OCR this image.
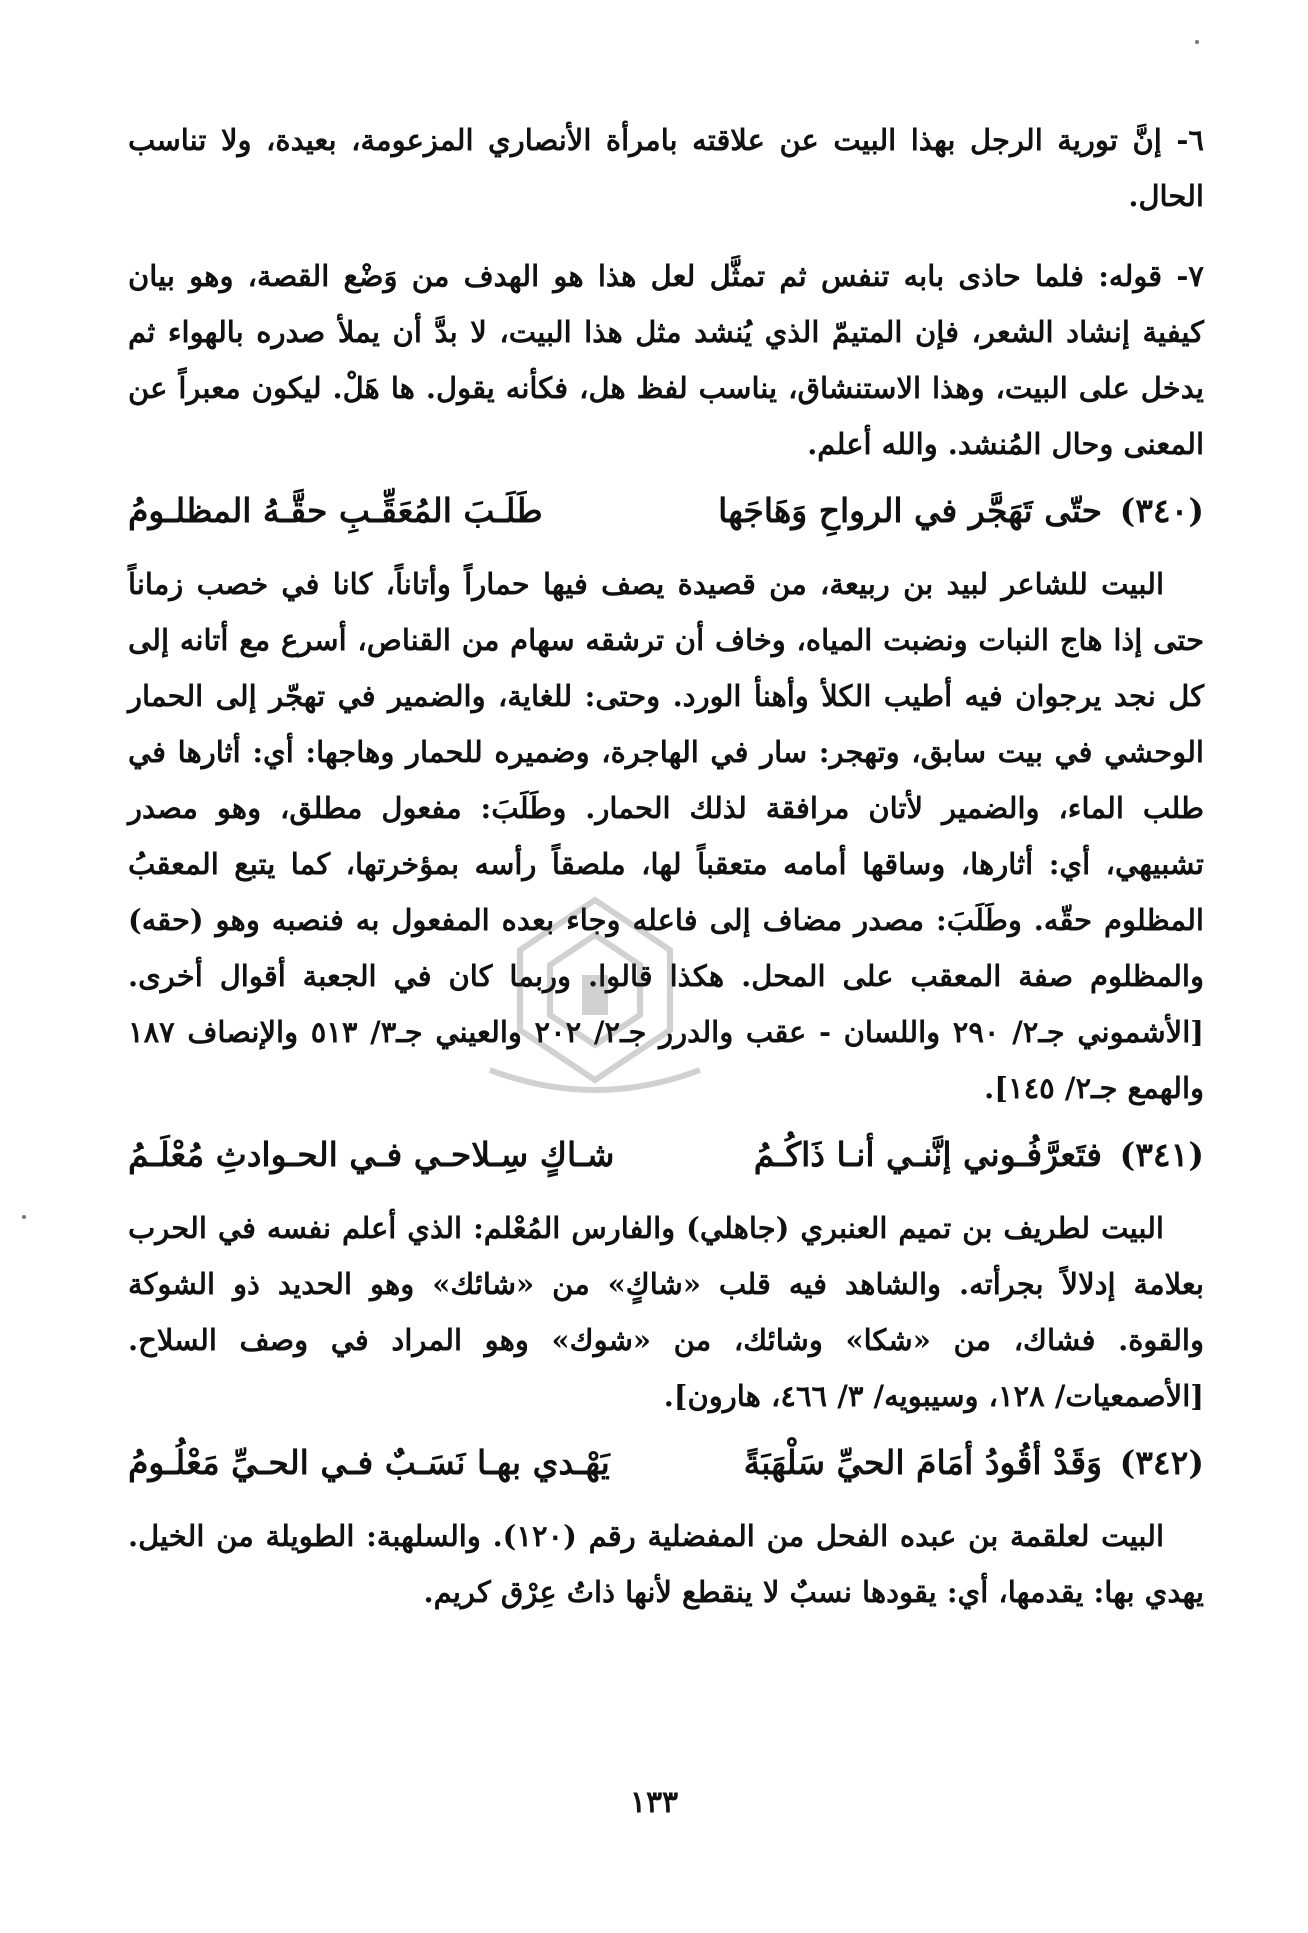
٦- إنَّ تورية الرجل بهذا البيت عن علاقته بامرأة الأنصاري المزعومة، بعيدة، ولا تناسب الحال.

٧- قوله: فلما حاذى بابه تنفس ثم تمثَّل لعل هذا هو الهدف من وَضْع القصة، وهو بيان كيفية إنشاد الشعر، فإن المتيمّ الذي يُنشد مثل هذا البيت، لا بدَّ أن يملأ صدره بالهواء ثم يدخل على البيت، وهذا الاستنشاق، يناسب لفظ هل، فكأنه يقول. ها هَلْ. ليكون معبراً عن المعنى وحال المُنشد. والله أعلم.

(٣٤٠) حتّى تَهَجَّر في الرواحِ وَهَاجَها
طَلَـبَ المُعَقِّـبِ حقَّـهُ المظلـومُ

البيت للشاعر لبيد بن ربيعة، من قصيدة يصف فيها حماراً وأتاناً، كانا في خصب زماناً حتى إذا هاج النبات ونضبت المياه، وخاف أن ترشقه سهام من القناص، أسرع مع أتانه إلى كل نجد يرجوان فيه أطيب الكلأ وأهنأ الورد. وحتى: للغاية، والضمير في تهجّر إلى الحمار الوحشي في بيت سابق، وتهجر: سار في الهاجرة، وضميره للحمار وهاجها: أي: أثارها في طلب الماء، والضمير لأتان مرافقة لذلك الحمار. وطَلَبَ: مفعول مطلق، وهو مصدر تشبيهي، أي: أثارها، وساقها أمامه متعقباً لها، ملصقاً رأسه بمؤخرتها، كما يتبع المعقبُ المظلوم حقّه. وطَلَبَ: مصدر مضاف إلى فاعله وجاء بعده المفعول به فنصبه وهو (حقه) والمظلوم صفة المعقب على المحل. هكذا قالوا. وربما كان في الجعبة أقوال أخرى. [الأشموني جـ٢/ ٢٩٠ واللسان - عقب والدرر جـ٢/ ٢٠٢ والعيني جـ٣/ ٥١٣ والإنصاف ١٨٧ والهمع جـ٢/ ١٤٥].

(٣٤١) فتَعرَّفُـوني إنَّنـي أنـا ذَاكُـمُ
شـاكٍ سِـلاحـي فـي الحـوادثِ مُعْلَـمُ

البيت لطريف بن تميم العنبري (جاهلي) والفارس المُعْلم: الذي أعلم نفسه في الحرب بعلامة إدلالاً بجرأته. والشاهد فيه قلب «شاكٍ» من «شائك» وهو الحديد ذو الشوكة والقوة. فشاك، من «شكا» وشائك، من «شوك» وهو المراد في وصف السلاح. [الأصمعيات/ ١٢٨، وسيبويه/ ٣/ ٤٦٦، هارون].

(٣٤٢) وَقَدْ أقُودُ أمَامَ الحيِّ سَلْهَبَةً
يَهْـدي بهـا نَسَـبٌ فـي الحـيِّ مَعْلُـومُ

البيت لعلقمة بن عبده الفحل من المفضلية رقم (١٢٠). والسلهبة: الطويلة من الخيل. يهدي بها: يقدمها، أي: يقودها نسبٌ لا ينقطع لأنها ذاتُ عِرْق كريم.

١٣٣
